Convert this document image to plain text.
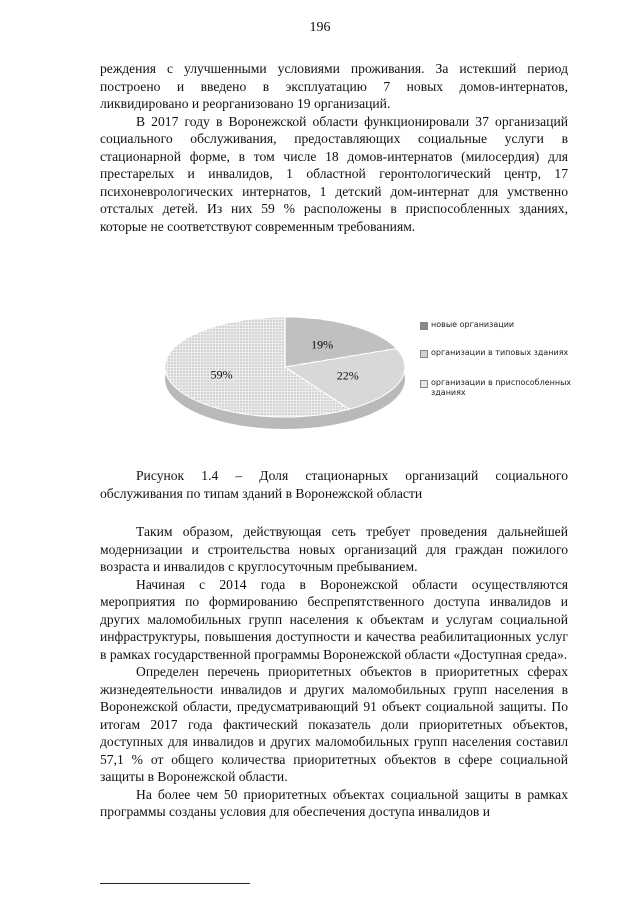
196

реждения с улучшенными условиями проживания. За истекший период построено и введено в эксплуатацию 7 новых домов-интернатов, ликвидировано и реорганизовано 19 организаций.

В 2017 году в Воронежской области функционировали 37 организаций социального обслуживания, предоставляющих социальные услуги в стационарной форме, в том числе 18 домов-интернатов (милосердия) для престарелых и инвалидов, 1 областной геронтологический центр, 17 психоневрологических интернатов, 1 детский дом-интернат для умственно отсталых детей. Из них 59 % расположены в приспособленных зданиях, которые не соответствуют современным требованиям.

19%
22%
59%
новые организации
организации в типовых зданиях
организации в приспособленных зданиях
Рисунок 1.4 – Доля стационарных организаций социального обслуживания по типам зданий в Воронежской области

Таким образом, действующая сеть требует проведения дальнейшей модернизации и строительства новых организаций для граждан пожилого возраста и инвалидов с круглосуточным пребыванием.

Начиная с 2014 года в Воронежской области осуществляются мероприятия по формированию беспрепятственного доступа инвалидов и других маломобильных групп населения к объектам и услугам социальной инфраструктуры, повышения доступности и качества реабилитационных услуг в рамках государственной программы Воронежской области «Доступная среда».

Определен перечень приоритетных объектов в приоритетных сферах жизнедеятельности инвалидов и других маломобильных групп населения в Воронежской области, предусматривающий 91 объект социальной защиты. По итогам 2017 года фактический показатель доли приоритетных объектов, доступных для инвалидов и других маломобильных групп населения составил 57,1 % от общего количества приоритетных объектов в сфере социальной защиты в Воронежской области.

На более чем 50 приоритетных объектах социальной защиты в рамках программы созданы условия для обеспечения доступа инвалидов и
